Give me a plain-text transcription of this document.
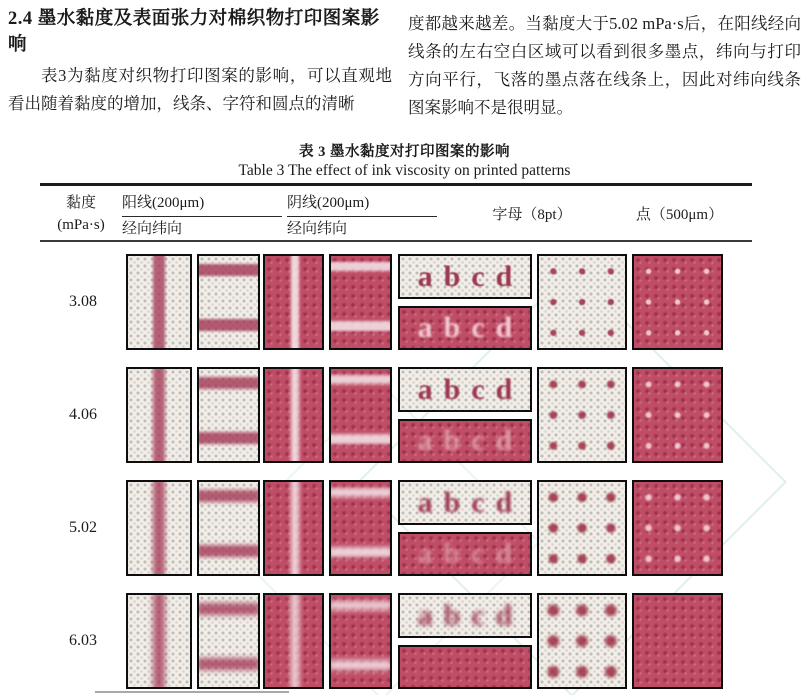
2.4 墨水黏度及表面张力对棉织物打印图案影响

表3为黏度对织物打印图案的影响，可以直观地看出随着黏度的增加，线条、字符和圆点的清晰

度都越来越差。当黏度大于5.02 mPa·s后，在阳线经向线条的左右空白区域可以看到很多墨点，纬向与打印方向平行，飞落的墨点落在线条上，因此对纬向线条图案影响不是很明显。

表 3 墨水黏度对打印图案的影响
Table 3 The effect of ink viscosity on printed patterns
黏度
(mPa·s)
阳线(200μm)
经向纬向
阴线(200μm)
经向纬向
字母（8pt）	点（500μm）
3.08
abcd
abcd
4.06
abcd
abcd
5.02
abcd
abcd
6.03
abcd
